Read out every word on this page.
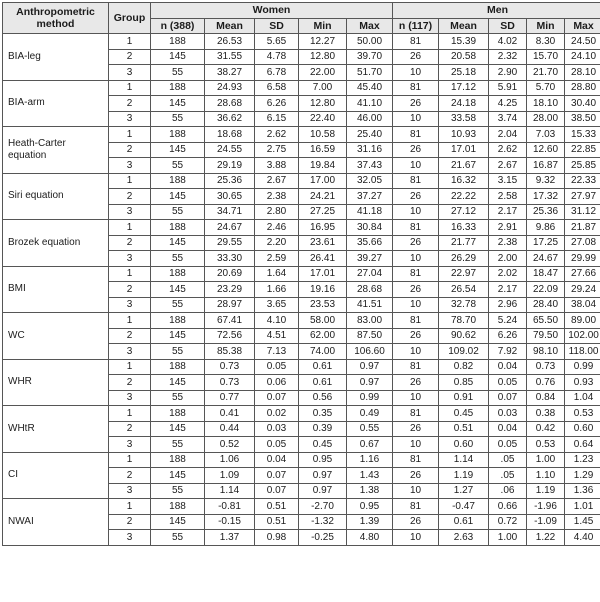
Anthropometric method	Group	Women					Men				
		n (388)	Mean	SD	Min	Max	n (117)	Mean	SD	Min	Max
BIA-leg	1	188	26.53	5.65	12.27	50.00	81	15.39	4.02	8.30	24.50
	2	145	31.55	4.78	12.80	39.70	26	20.58	2.32	15.70	24.10
	3	55	38.27	6.78	22.00	51.70	10	25.18	2.90	21.70	28.10
BIA-arm	1	188	24.93	6.58	7.00	45.40	81	17.12	5.91	5.70	28.80
	2	145	28.68	6.26	12.80	41.10	26	24.18	4.25	18.10	30.40
	3	55	36.62	6.15	22.40	46.00	10	33.58	3.74	28.00	38.50
Heath-Carter equation	1	188	18.68	2.62	10.58	25.40	81	10.93	2.04	7.03	15.33
	2	145	24.55	2.75	16.59	31.16	26	17.01	2.62	12.60	22.85
	3	55	29.19	3.88	19.84	37.43	10	21.67	2.67	16.87	25.85
Siri equation	1	188	25.36	2.67	17.00	32.05	81	16.32	3.15	9.32	22.33
	2	145	30.65	2.38	24.21	37.27	26	22.22	2.58	17.32	27.97
	3	55	34.71	2.80	27.25	41.18	10	27.12	2.17	25.36	31.12
Brozek equation	1	188	24.67	2.46	16.95	30.84	81	16.33	2.91	9.86	21.87
	2	145	29.55	2.20	23.61	35.66	26	21.77	2.38	17.25	27.08
	3	55	33.30	2.59	26.41	39.27	10	26.29	2.00	24.67	29.99
BMI	1	188	20.69	1.64	17.01	27.04	81	22.97	2.02	18.47	27.66
	2	145	23.29	1.66	19.16	28.68	26	26.54	2.17	22.09	29.24
	3	55	28.97	3.65	23.53	41.51	10	32.78	2.96	28.40	38.04
WC	1	188	67.41	4.10	58.00	83.00	81	78.70	5.24	65.50	89.00
	2	145	72.56	4.51	62.00	87.50	26	90.62	6.26	79.50	102.00
	3	55	85.38	7.13	74.00	106.60	10	109.02	7.92	98.10	118.00
WHR	1	188	0.73	0.05	0.61	0.97	81	0.82	0.04	0.73	0.99
	2	145	0.73	0.06	0.61	0.97	26	0.85	0.05	0.76	0.93
	3	55	0.77	0.07	0.56	0.99	10	0.91	0.07	0.84	1.04
WHtR	1	188	0.41	0.02	0.35	0.49	81	0.45	0.03	0.38	0.53
	2	145	0.44	0.03	0.39	0.55	26	0.51	0.04	0.42	0.60
	3	55	0.52	0.05	0.45	0.67	10	0.60	0.05	0.53	0.64
CI	1	188	1.06	0.04	0.95	1.16	81	1.14	.05	1.00	1.23
	2	145	1.09	0.07	0.97	1.43	26	1.19	.05	1.10	1.29
	3	55	1.14	0.07	0.97	1.38	10	1.27	.06	1.19	1.36
NWAI	1	188	-0.81	0.51	-2.70	0.95	81	-0.47	0.66	-1.96	1.01
	2	145	-0.15	0.51	-1.32	1.39	26	0.61	0.72	-1.09	1.45
	3	55	1.37	0.98	-0.25	4.80	10	2.63	1.00	1.22	4.40
